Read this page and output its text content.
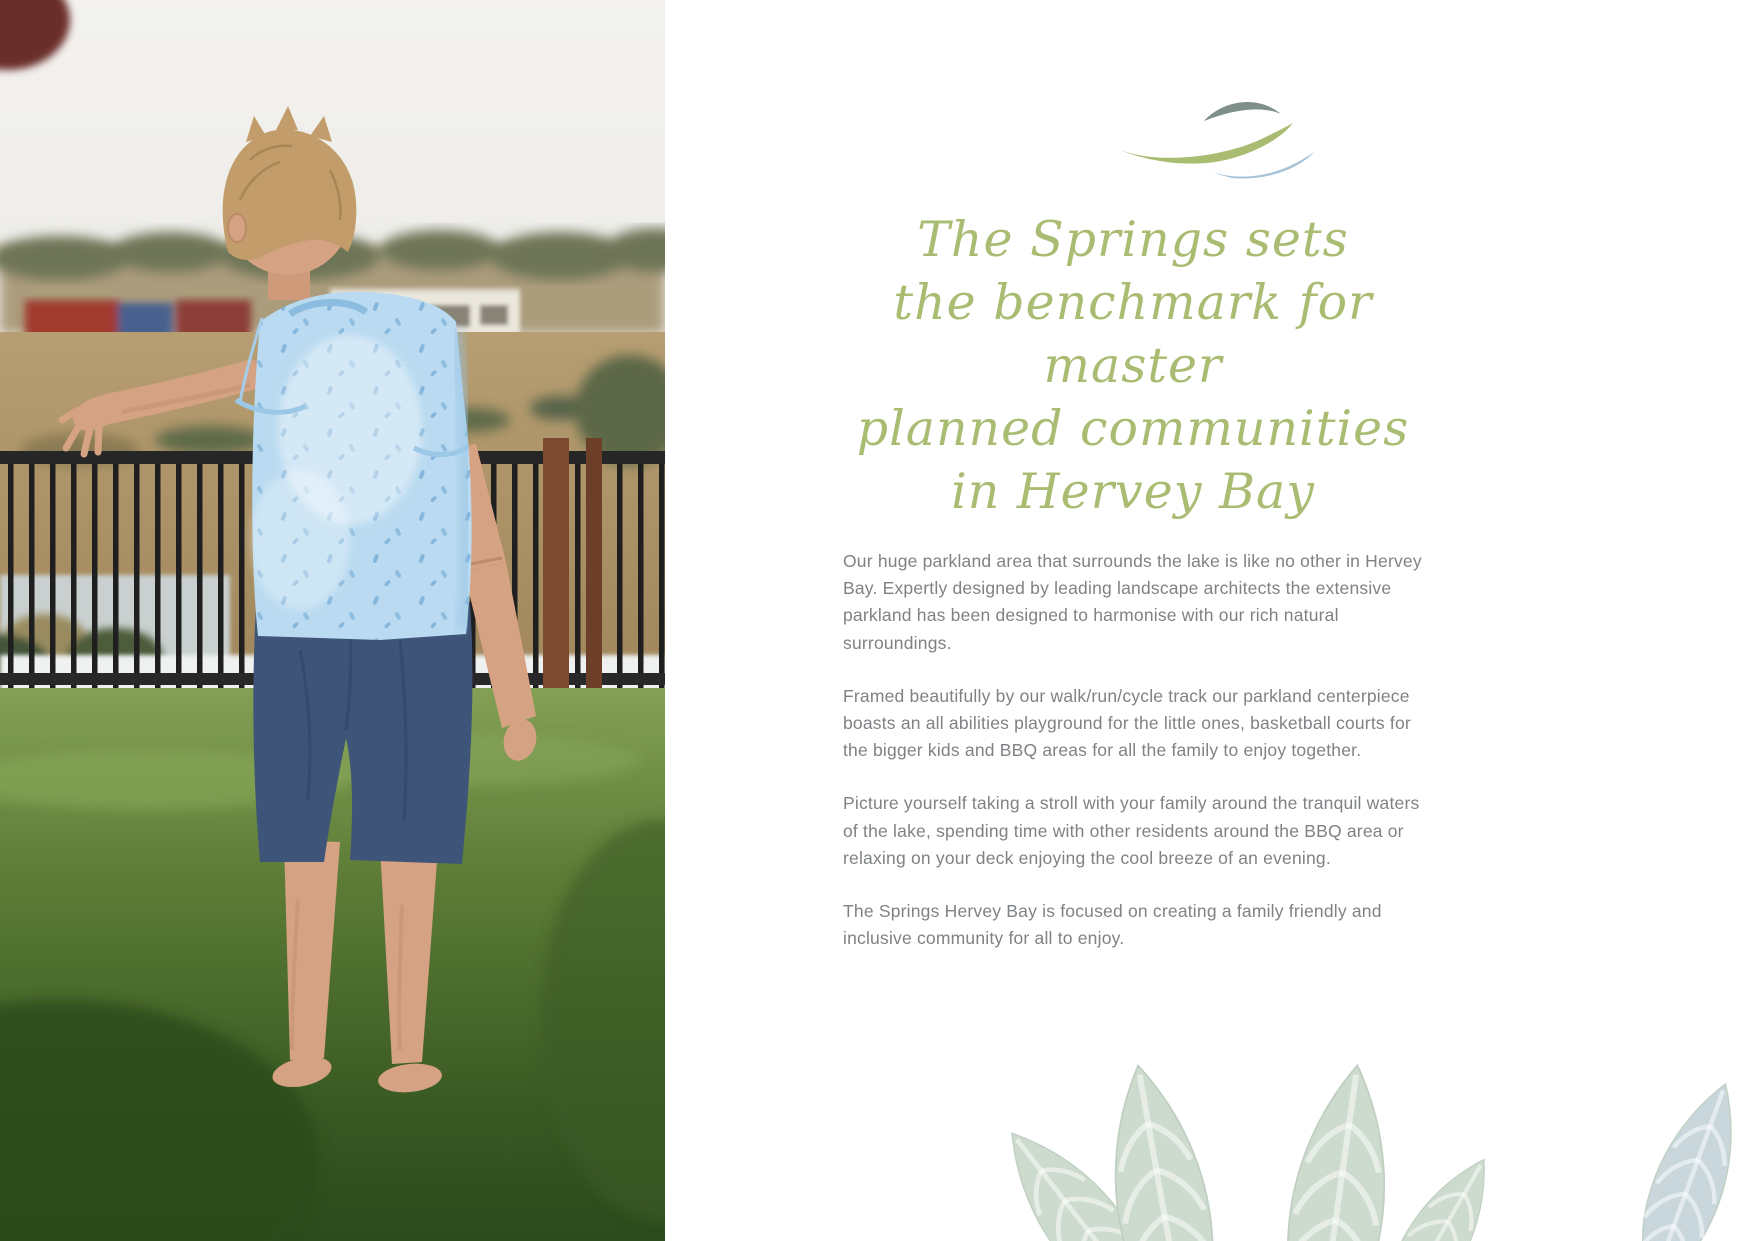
The Springs sets
the benchmark for master
planned communities
in Hervey Bay

Our huge parkland area that surrounds the lake is like no other in Hervey Bay. Expertly designed by leading landscape architects the extensive parkland has been designed to harmonise with our rich natural surroundings.

Framed beautifully by our walk/run/cycle track our parkland centerpiece boasts an all abilities playground for the little ones, basketball courts for the bigger kids and BBQ areas for all the family to enjoy together.

Picture yourself taking a stroll with your family around the tranquil waters of the lake, spending time with other residents around the BBQ area or relaxing on your deck enjoying the cool breeze of an evening.

The Springs Hervey Bay is focused on creating a family friendly and inclusive community for all to enjoy.
